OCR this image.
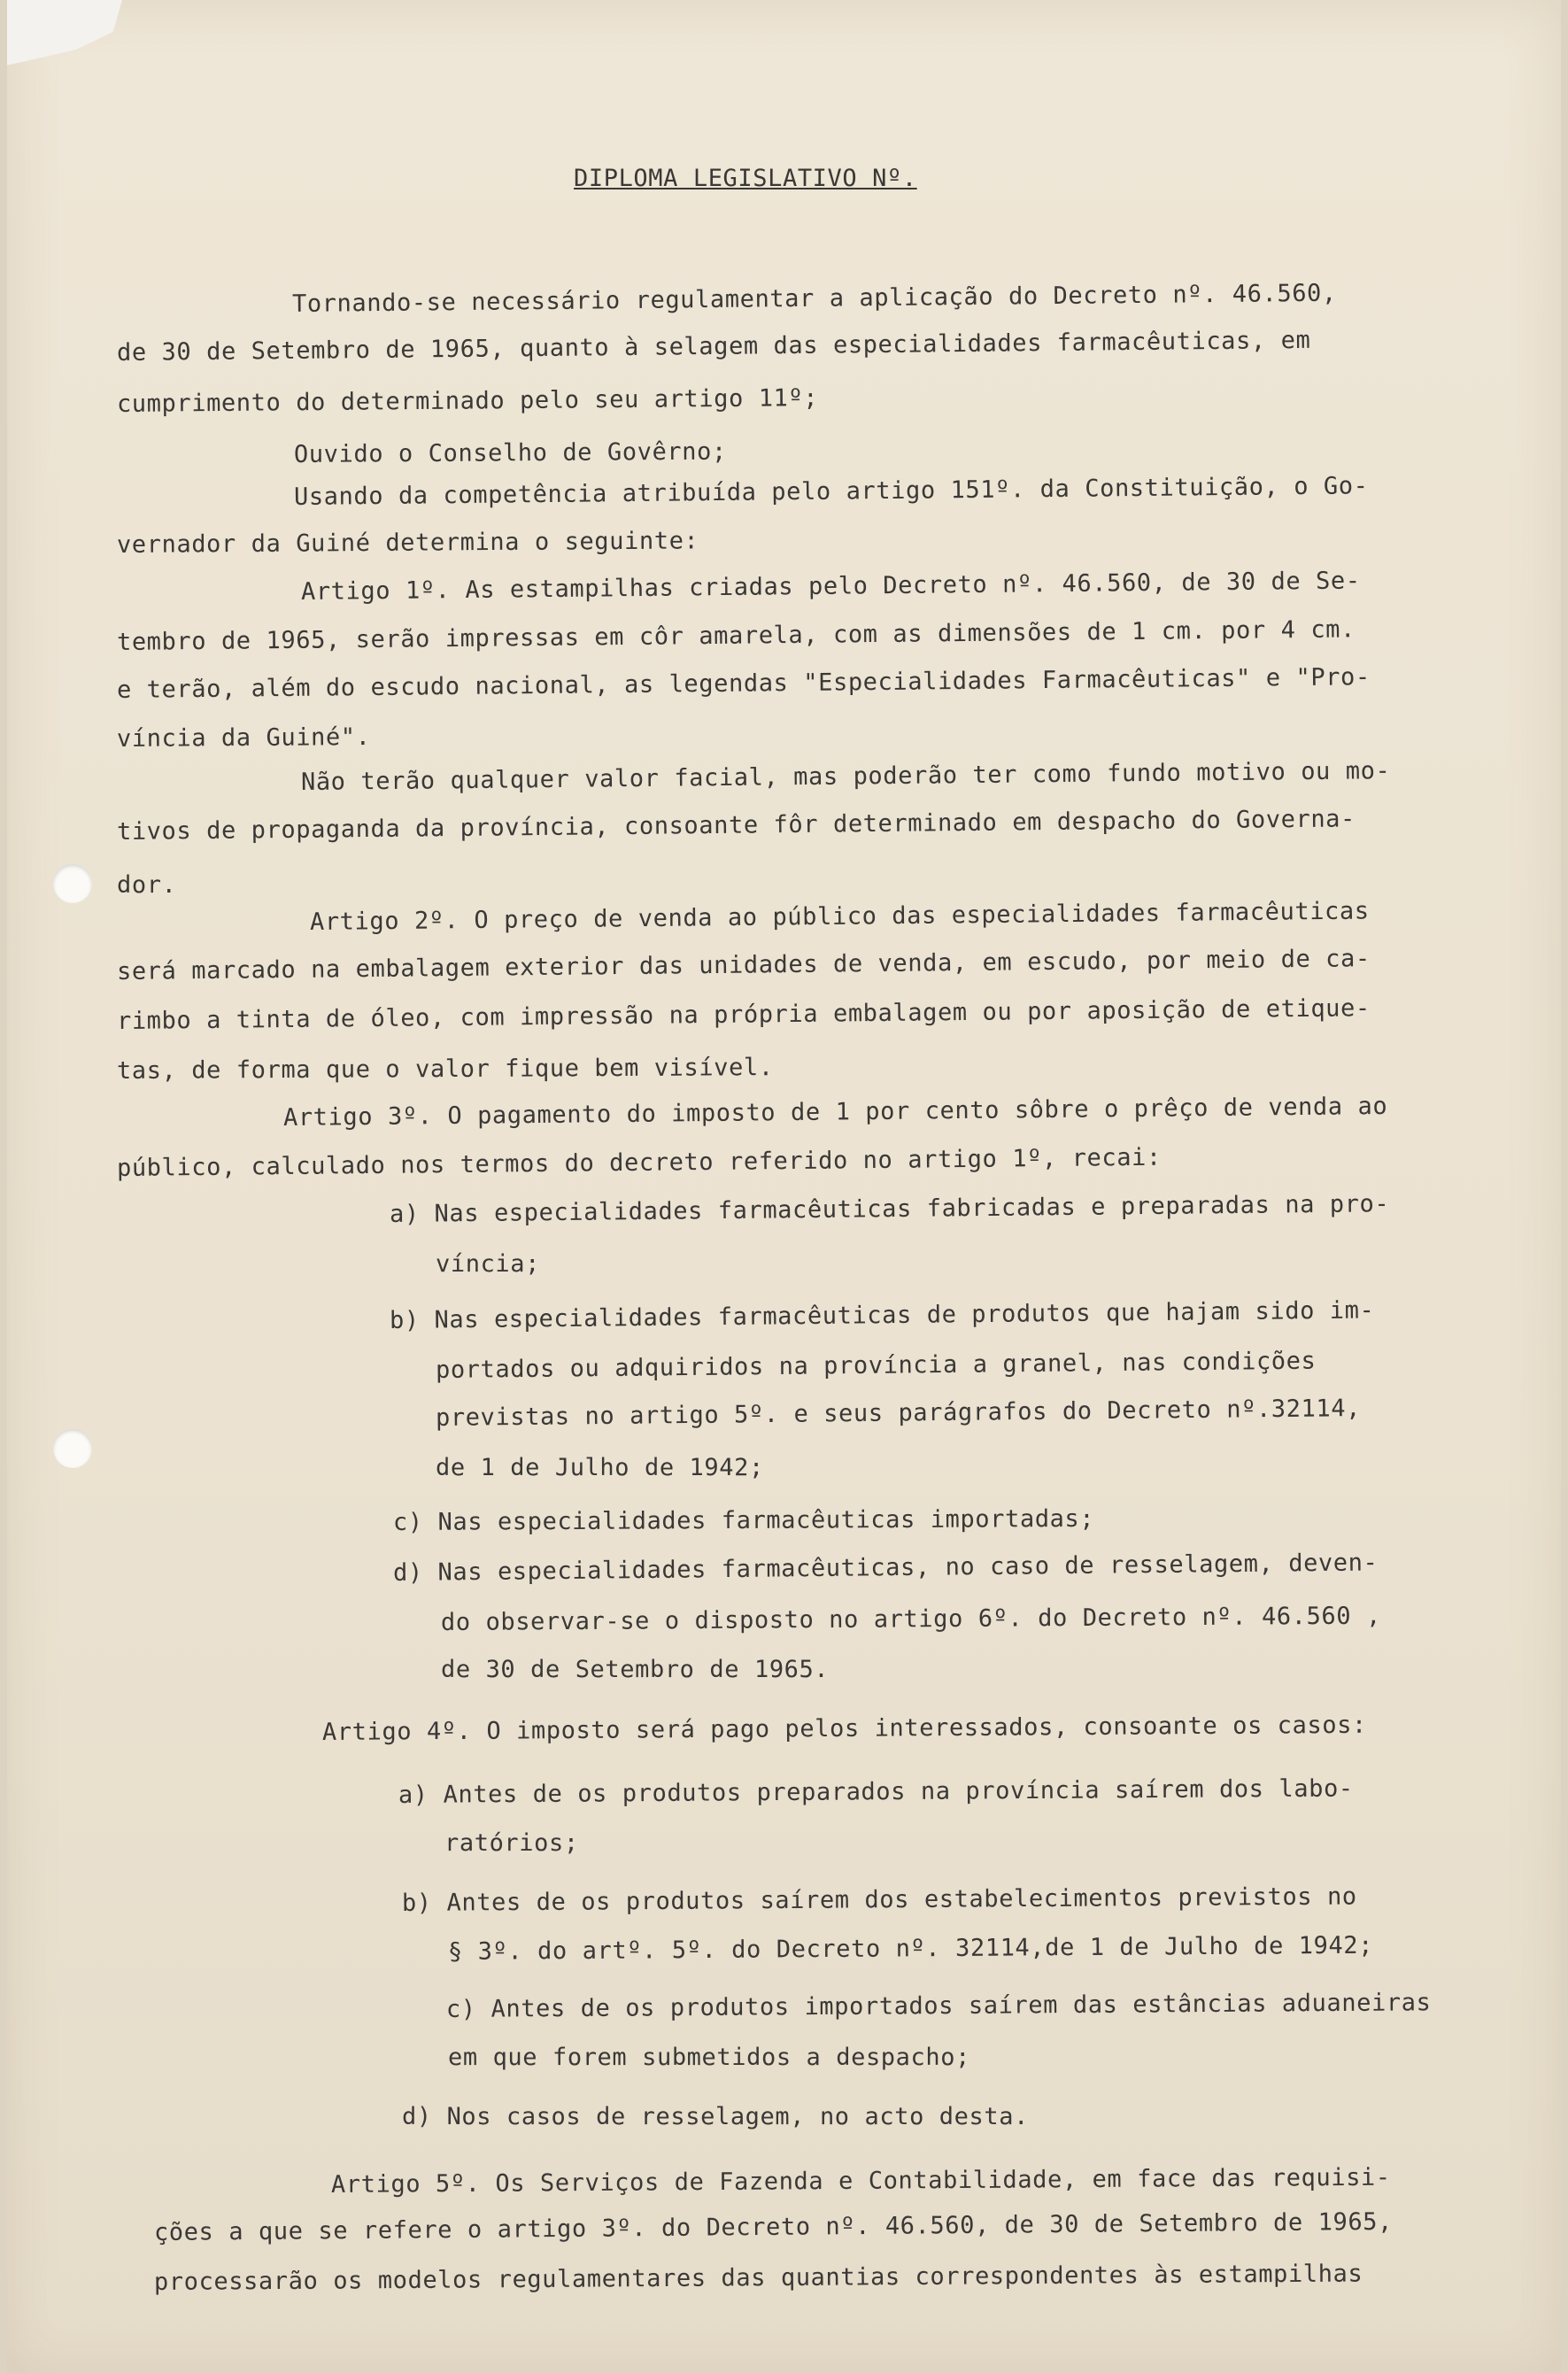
DIPLOMA LEGISLATIVO Nº.
Tornando-se necessário regulamentar a aplicação do Decreto nº. 46.560,
de 30 de Setembro de 1965, quanto à selagem das especialidades farmacêuticas, em
cumprimento do determinado pelo seu artigo 11º;
Ouvido o Conselho de Govêrno;
Usando da competência atribuída pelo artigo 151º. da Constituição, o Go-
vernador da Guiné determina o seguinte:
Artigo 1º. As estampilhas criadas pelo Decreto nº. 46.560, de 30 de Se-
tembro de 1965, serão impressas em côr amarela, com as dimensões de 1 cm. por 4 cm.
e terão, além do escudo nacional, as legendas "Especialidades Farmacêuticas" e "Pro-
víncia da Guiné".
Não terão qualquer valor facial, mas poderão ter como fundo motivo ou mo-
tivos de propaganda da província, consoante fôr determinado em despacho do Governa-
dor.
Artigo 2º. O preço de venda ao público das especialidades farmacêuticas
será marcado na embalagem exterior das unidades de venda, em escudo, por meio de ca-
rimbo a tinta de óleo, com impressão na própria embalagem ou por aposição de etique-
tas, de forma que o valor fique bem visível.
Artigo 3º. O pagamento do imposto de 1 por cento sôbre o prêço de venda ao
público, calculado nos termos do decreto referido no artigo 1º, recai:
a) Nas especialidades farmacêuticas fabricadas e preparadas na pro-
víncia;
b) Nas especialidades farmacêuticas de produtos que hajam sido im-
portados ou adquiridos na província a granel, nas condições
previstas no artigo 5º. e seus parágrafos do Decreto nº.32114,
de 1 de Julho de 1942;
c) Nas especialidades farmacêuticas importadas;
d) Nas especialidades farmacêuticas, no caso de resselagem, deven-
do observar-se o disposto no artigo 6º. do Decreto nº. 46.560 ,
de 30 de Setembro de 1965.
Artigo 4º. O imposto será pago pelos interessados, consoante os casos:
a) Antes de os produtos preparados na província saírem dos labo-
ratórios;
b) Antes de os produtos saírem dos estabelecimentos previstos no
§ 3º. do artº. 5º. do Decreto nº. 32114,de 1 de Julho de 1942;
c) Antes de os produtos importados saírem das estâncias aduaneiras
em que forem submetidos a despacho;
d) Nos casos de resselagem, no acto desta.
Artigo 5º. Os Serviços de Fazenda e Contabilidade, em face das requisi-
ções a que se refere o artigo 3º. do Decreto nº. 46.560, de 30 de Setembro de 1965,
processarão os modelos regulamentares das quantias correspondentes às estampilhas
